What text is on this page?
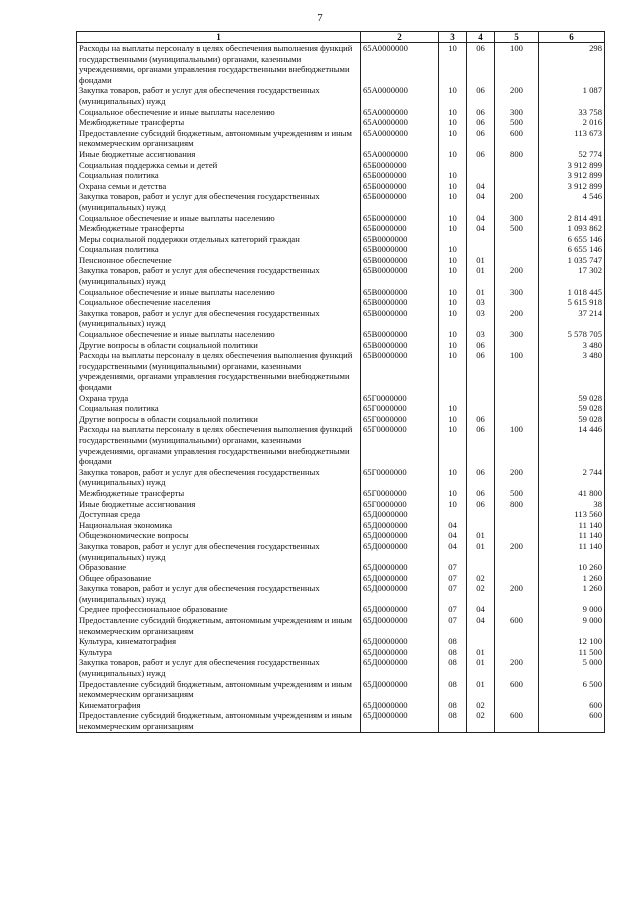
7
1	2	3	4	5	6
Расходы на выплаты персоналу в целях обеспечения выполнения функций государственными (муниципальными) органами, казенными учреждениями, органами управления государственными внебюджетными фондами	65А0000000	10	06	100	298
Закупка товаров, работ и услуг для обеспечения государственных (муниципальных) нужд	65А0000000	10	06	200	1 087
Социальное обеспечение и иные выплаты населению	65А0000000	10	06	300	33 758
Межбюджетные трансферты	65А0000000	10	06	500	2 016
Предоставление субсидий бюджетным, автономным учреждениям и иным некоммерческим организациям	65А0000000	10	06	600	113 673
Иные бюджетные ассигнования	65А0000000	10	06	800	52 774
Социальная поддержка семьи и детей	65Б0000000				3 912 899
Социальная политика	65Б0000000	10			3 912 899
Охрана семьи и детства	65Б0000000	10	04		3 912 899
Закупка товаров, работ и услуг для обеспечения государственных (муниципальных) нужд	65Б0000000	10	04	200	4 546
Социальное обеспечение и иные выплаты населению	65Б0000000	10	04	300	2 814 491
Межбюджетные трансферты	65Б0000000	10	04	500	1 093 862
Меры социальной поддержки отдельных категорий граждан	65В0000000				6 655 146
Социальная политика	65В0000000	10			6 655 146
Пенсионное обеспечение	65В0000000	10	01		1 035 747
Закупка товаров, работ и услуг для обеспечения государственных (муниципальных) нужд	65В0000000	10	01	200	17 302
Социальное обеспечение и иные выплаты населению	65В0000000	10	01	300	1 018 445
Социальное обеспечение населения	65В0000000	10	03		5 615 918
Закупка товаров, работ и услуг для обеспечения государственных (муниципальных) нужд	65В0000000	10	03	200	37 214
Социальное обеспечение и иные выплаты населению	65В0000000	10	03	300	5 578 705
Другие вопросы в области социальной политики	65В0000000	10	06		3 480
Расходы на выплаты персоналу в целях обеспечения выполнения функций государственными (муниципальными) органами, казенными учреждениями, органами управления государственными внебюджетными фондами	65В0000000	10	06	100	3 480
Охрана труда	65Г0000000				59 028
Социальная политика	65Г0000000	10			59 028
Другие вопросы в области социальной политики	65Г0000000	10	06		59 028
Расходы на выплаты персоналу в целях обеспечения выполнения функций государственными (муниципальными) органами, казенными учреждениями, органами управления государственными внебюджетными фондами	65Г0000000	10	06	100	14 446
Закупка товаров, работ и услуг для обеспечения государственных (муниципальных) нужд	65Г0000000	10	06	200	2 744
Межбюджетные трансферты	65Г0000000	10	06	500	41 800
Иные бюджетные ассигнования	65Г0000000	10	06	800	38
Доступная среда	65Д0000000				113 560
Национальная экономика	65Д0000000	04			11 140
Общеэкономические вопросы	65Д0000000	04	01		11 140
Закупка товаров, работ и услуг для обеспечения государственных (муниципальных) нужд	65Д0000000	04	01	200	11 140
Образование	65Д0000000	07			10 260
Общее образование	65Д0000000	07	02		1 260
Закупка товаров, работ и услуг для обеспечения государственных (муниципальных) нужд	65Д0000000	07	02	200	1 260
Среднее профессиональное образование	65Д0000000	07	04		9 000
Предоставление субсидий бюджетным, автономным учреждениям и иным некоммерческим организациям	65Д0000000	07	04	600	9 000
Культура, кинематография	65Д0000000	08			12 100
Культура	65Д0000000	08	01		11 500
Закупка товаров, работ и услуг для обеспечения государственных (муниципальных) нужд	65Д0000000	08	01	200	5 000
Предоставление субсидий бюджетным, автономным учреждениям и иным некоммерческим организациям	65Д0000000	08	01	600	6 500
Кинематография	65Д0000000	08	02		600
Предоставление субсидий бюджетным, автономным учреждениям и иным некоммерческим организациям	65Д0000000	08	02	600	600
